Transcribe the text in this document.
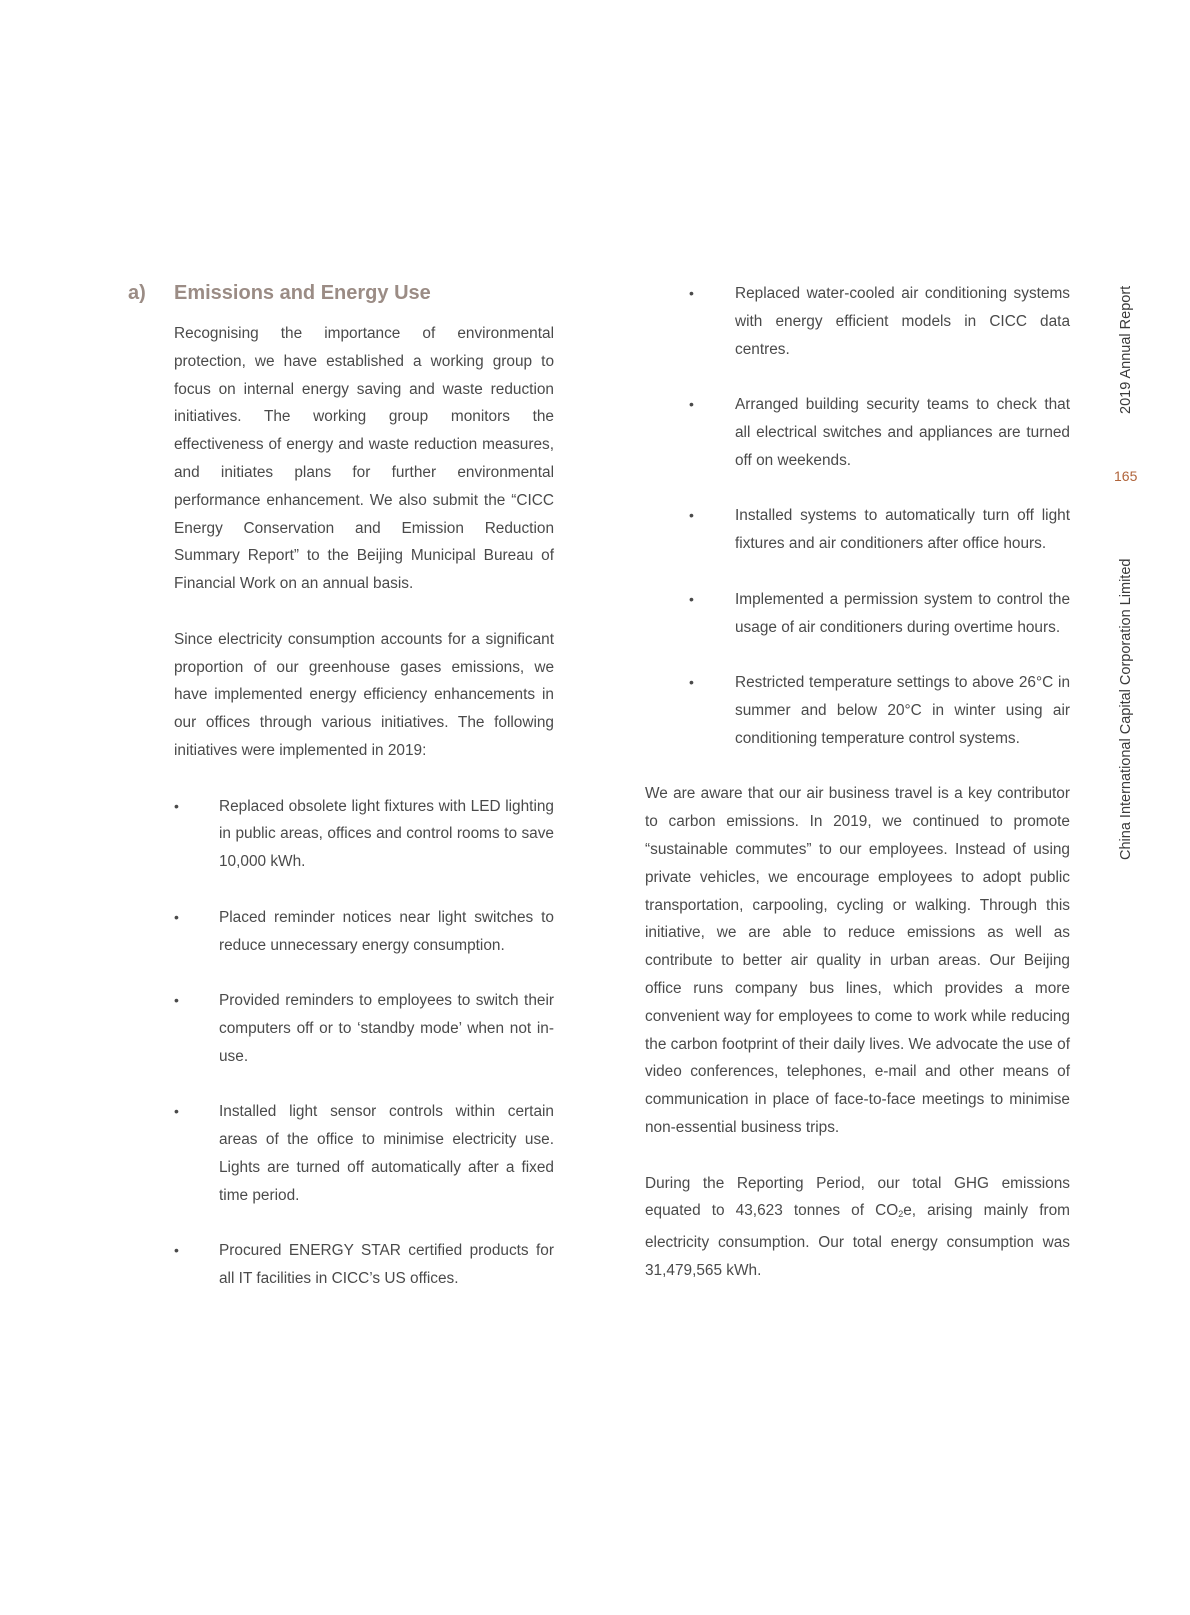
a) Emissions and Energy Use

Recognising the importance of environmental protection, we have established a working group to focus on internal energy saving and waste reduction initiatives. The working group monitors the effectiveness of energy and waste reduction measures, and initiates plans for further environmental performance enhancement. We also submit the “CICC Energy Conservation and Emission Reduction Summary Report” to the Beijing Municipal Bureau of Financial Work on an annual basis.

Since electricity consumption accounts for a significant proportion of our greenhouse gases emissions, we have implemented energy efficiency enhancements in our offices through various initiatives. The following initiatives were implemented in 2019:

•	Replaced obsolete light fixtures with LED lighting in public areas, offices and control rooms to save 10,000 kWh.
•	Placed reminder notices near light switches to reduce unnecessary energy consumption.
•	Provided reminders to employees to switch their computers off or to ‘standby mode’ when not in-use.
•	Installed light sensor controls within certain areas of the office to minimise electricity use. Lights are turned off automatically after a fixed time period.
•	Procured ENERGY STAR certified products for all IT facilities in CICC’s US offices.
•	Replaced water-cooled air conditioning systems with energy efficient models in CICC data centres.
•	Arranged building security teams to check that all electrical switches and appliances are turned off on weekends.
•	Installed systems to automatically turn off light fixtures and air conditioners after office hours.
•	Implemented a permission system to control the usage of air conditioners during overtime hours.
•	Restricted temperature settings to above 26°C in summer and below 20°C in winter using air conditioning temperature control systems.

We are aware that our air business travel is a key contributor to carbon emissions. In 2019, we continued to promote “sustainable commutes” to our employees. Instead of using private vehicles, we encourage employees to adopt public transportation, carpooling, cycling or walking. Through this initiative, we are able to reduce emissions as well as contribute to better air quality in urban areas. Our Beijing office runs company bus lines, which provides a more convenient way for employees to come to work while reducing the carbon footprint of their daily lives. We advocate the use of video conferences, telephones, e-mail and other means of communication in place of face-to-face meetings to minimise non-essential business trips.

During the Reporting Period, our total GHG emissions equated to 43,623 tonnes of $CO_2e$, arising mainly from electricity consumption. Our total energy consumption was 31,479,565 kWh.

2019 Annual Report
165
China International Capital Corporation Limited
